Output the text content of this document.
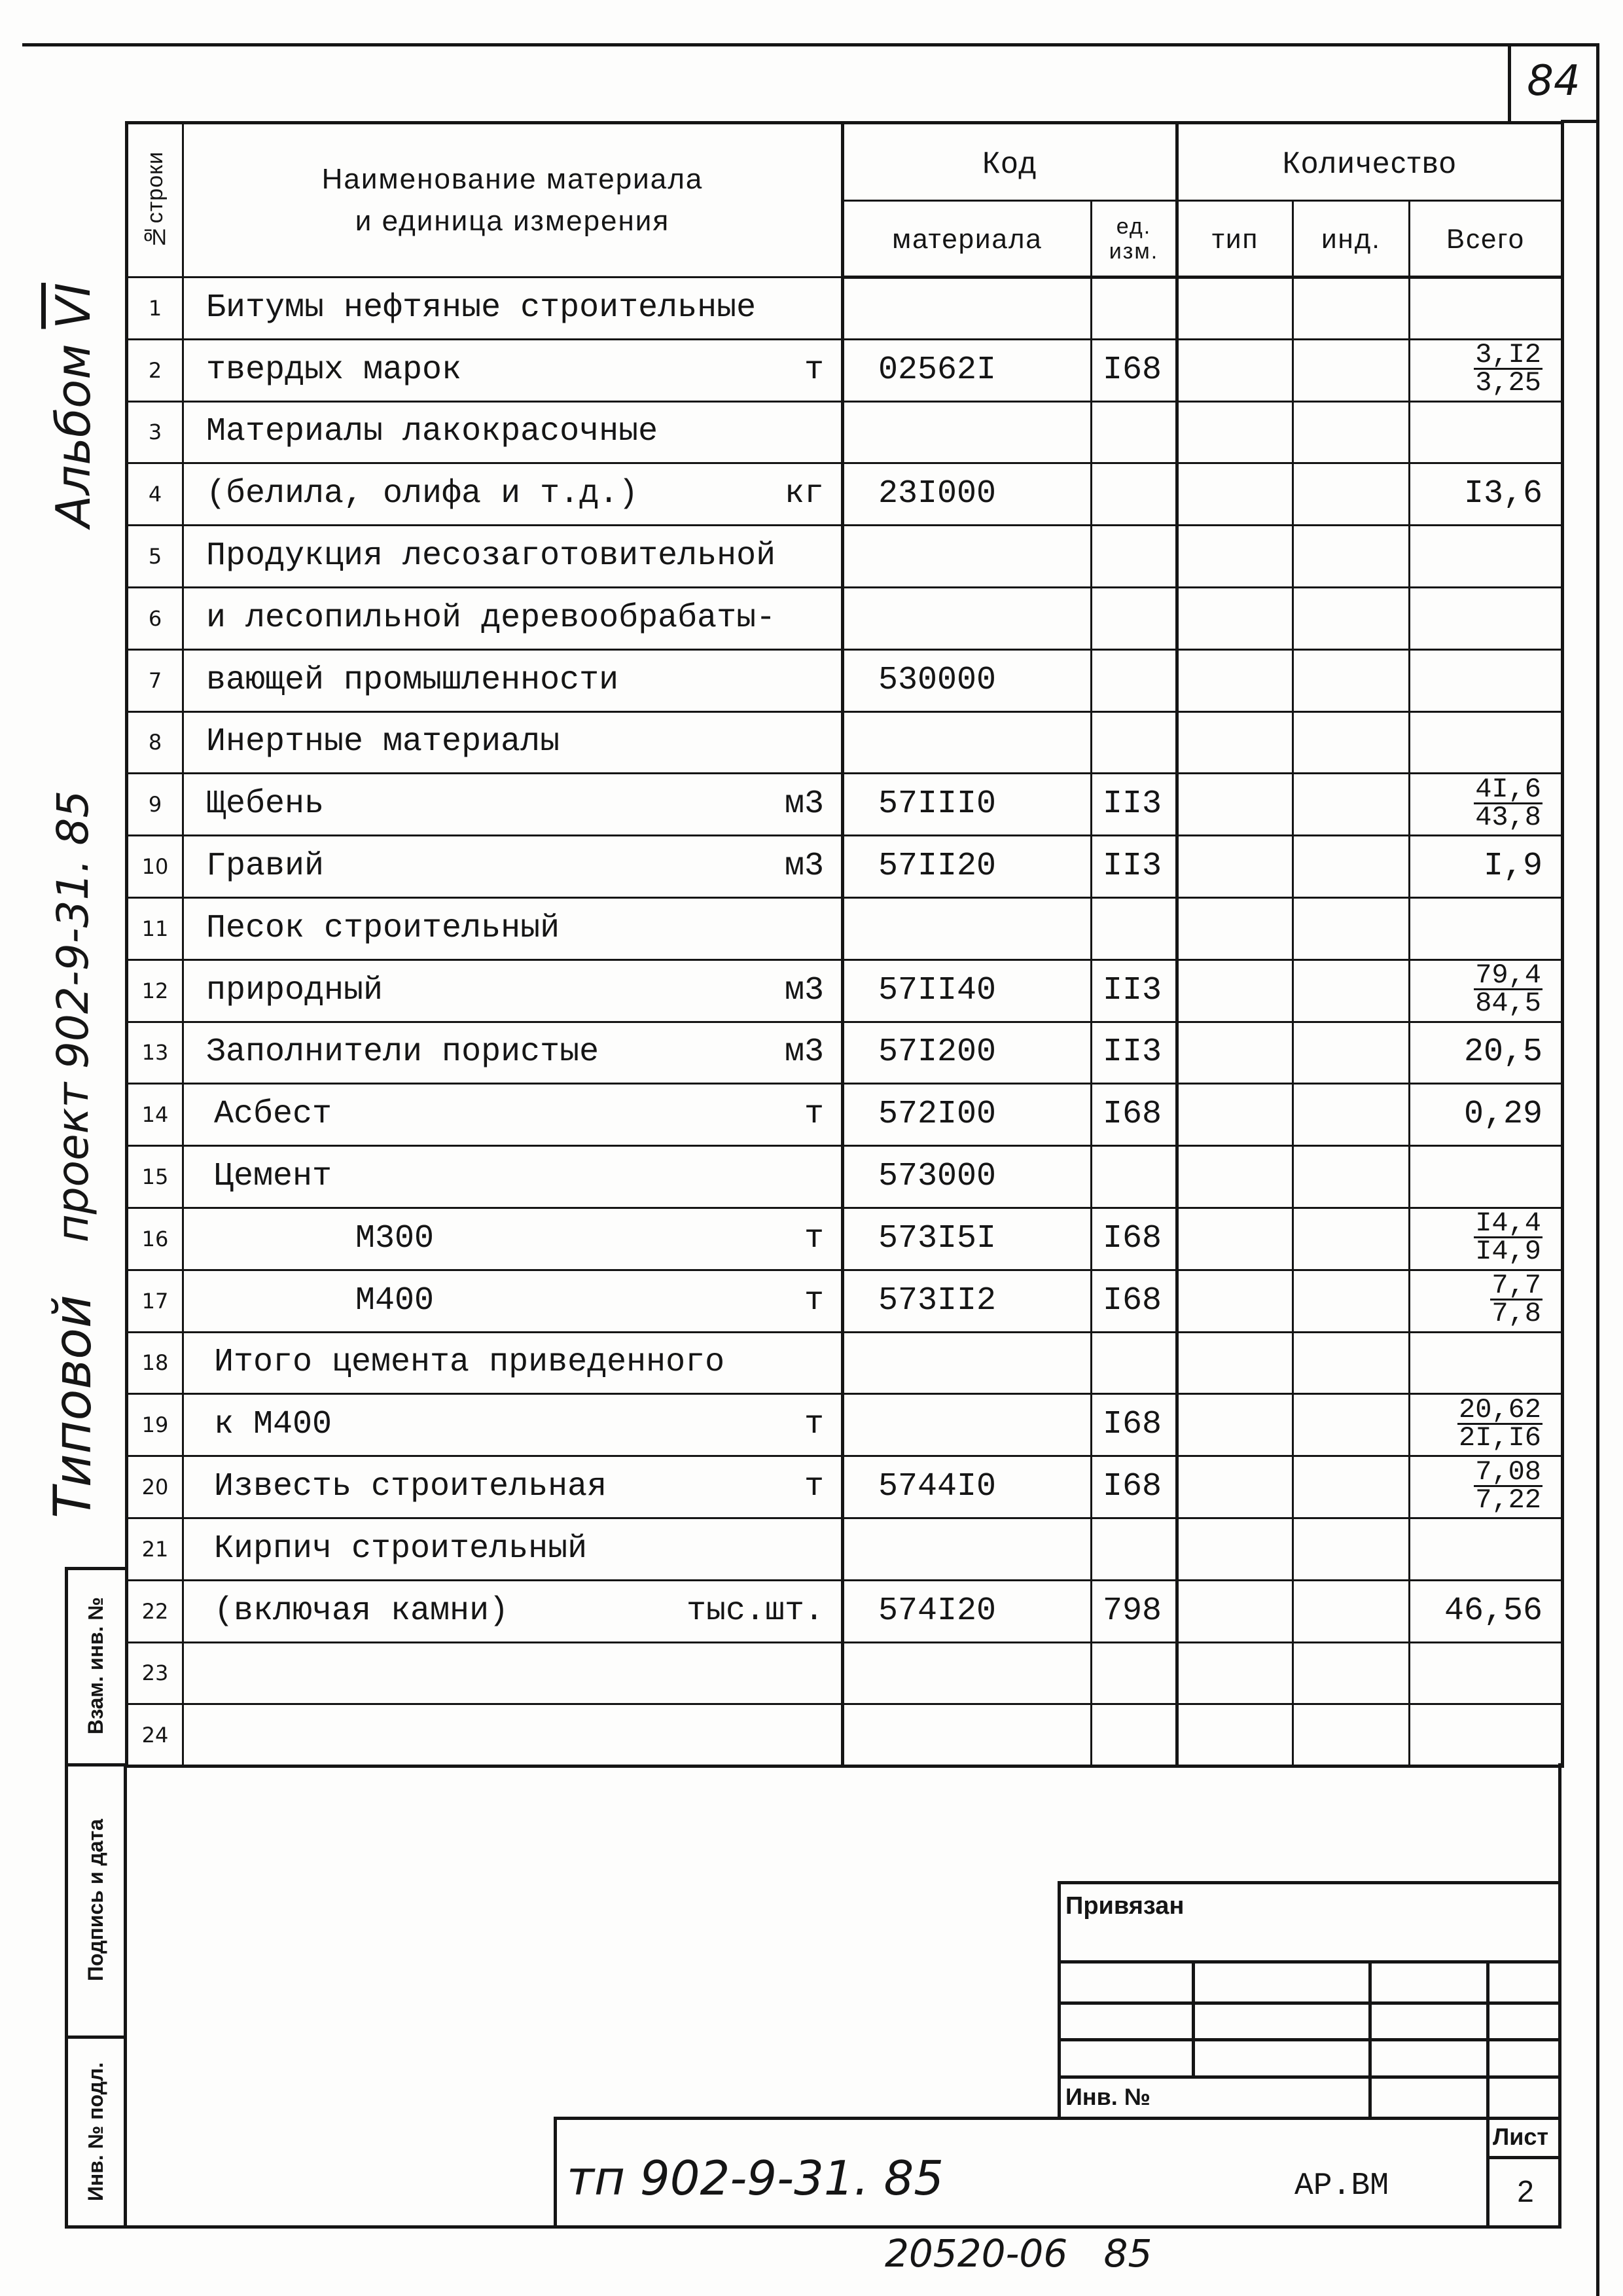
84
Альбом $\overline{VI}$
проект 902-9-31. 85
Типовой
Взам. инв. №
Подпись и дата
Инв. № подл.
№строки	Наименование материала
и единица измерения	Код		Количество		
		материала	ед.
изм.	тип	инд.	Всего
1	Битумы нефтяные строительные					

2	твердых марок т	02562I	I68			$\frac{3,I2}{3,25}$

3	Материалы лакокрасочные					

4	(белила, олифа и т.д.) кг	23I000				I3,6
5	Продукция лесозаготовительной					

6	и лесопильной деревообрабаты-					

7	вающей промышленности	530000				
8	Инертные материалы					

9	Щебень м3	57III0	II3			$\frac{4I,6}{43,8}$

10	Гравий м3	57II20	II3			I,9
11	Песок строительный					

12	природный м3	57II40	II3			$\frac{79,4}{84,5}$

13	Заполнители пористые м3	57I200	II3			20,5
14	Асбест т	572I00	I68			0,29
15	Цемент	573000				
16	М300 т	573I5I	I68			$\frac{I4,4}{I4,9}$

17	М400 т	573II2	I68			$\frac{7,7}{7,8}$

18	Итого цемента приведенного					

19	к М400 т		I68			$\frac{20,62}{2I,I6}$

20	Известь строительная т	5744I0	I68			$\frac{7,08}{7,22}$

21	Кирпич строительный					

22	(включая камни) тыс.шт.	574I20	798			46,56
23	

24	

Привязан
Инв. №
Лист
2
тп 902-9-31. 85	АР.ВМ
20520-06   85
